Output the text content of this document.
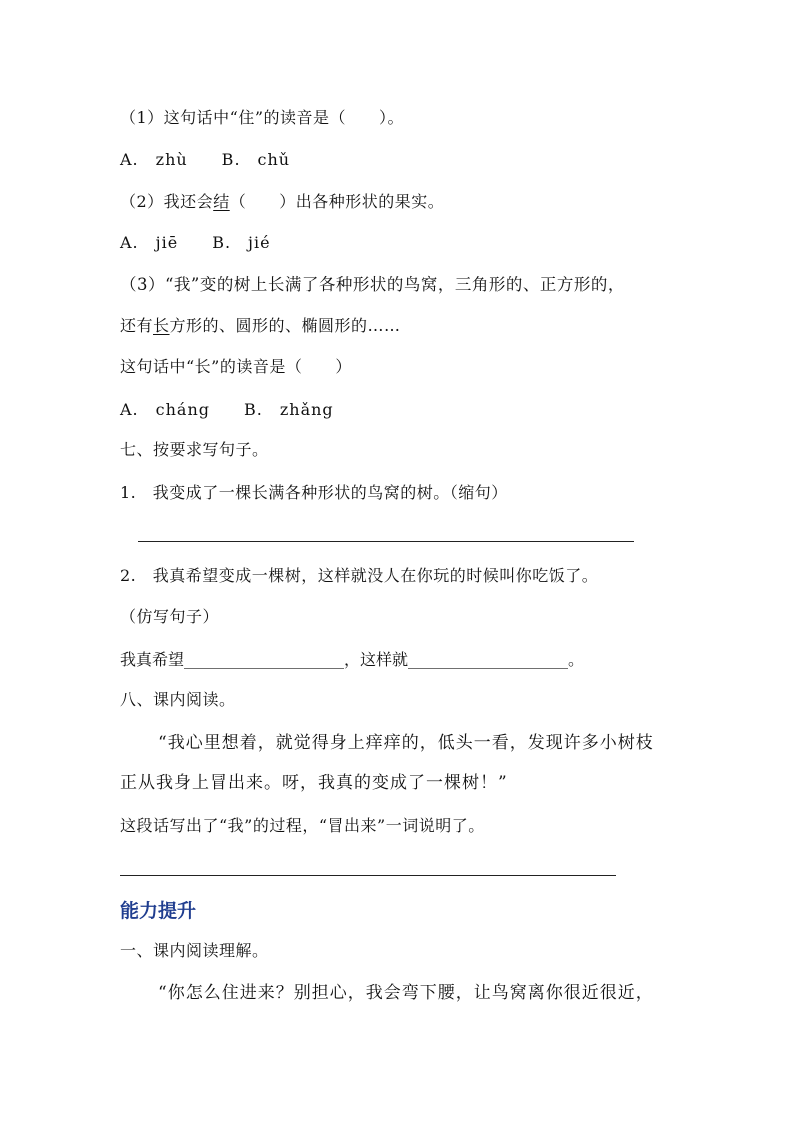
（1）这句话中“住”的读音是（　　）。
A.　zhù　　B.　chǔ
（2）我还会结（　　）出各种形状的果实。
A.　jiē　　B.　jié
（3）“我”变的树上长满了各种形状的鸟窝，三角形的、正方形的，
还有长方形的、圆形的、椭圆形的……
这句话中“长”的读音是（　　）
A.　cháng　　B.　zhǎng
七、按要求写句子。
1.　我变成了一棵长满各种形状的鸟窝的树。（缩句）
2.　我真希望变成一棵树，这样就没人在你玩的时候叫你吃饭了。
（仿写句子）
我真希望____________________，这样就____________________。
八、课内阅读。
“我心里想着，就觉得身上痒痒的，低头一看，发现许多小树枝
正从我身上冒出来。呀，我真的变成了一棵树！”
这段话写出了“我”的过程，“冒出来”一词说明了。
能力提升
一、课内阅读理解。
“你怎么住进来？别担心，我会弯下腰，让鸟窝离你很近很近，
